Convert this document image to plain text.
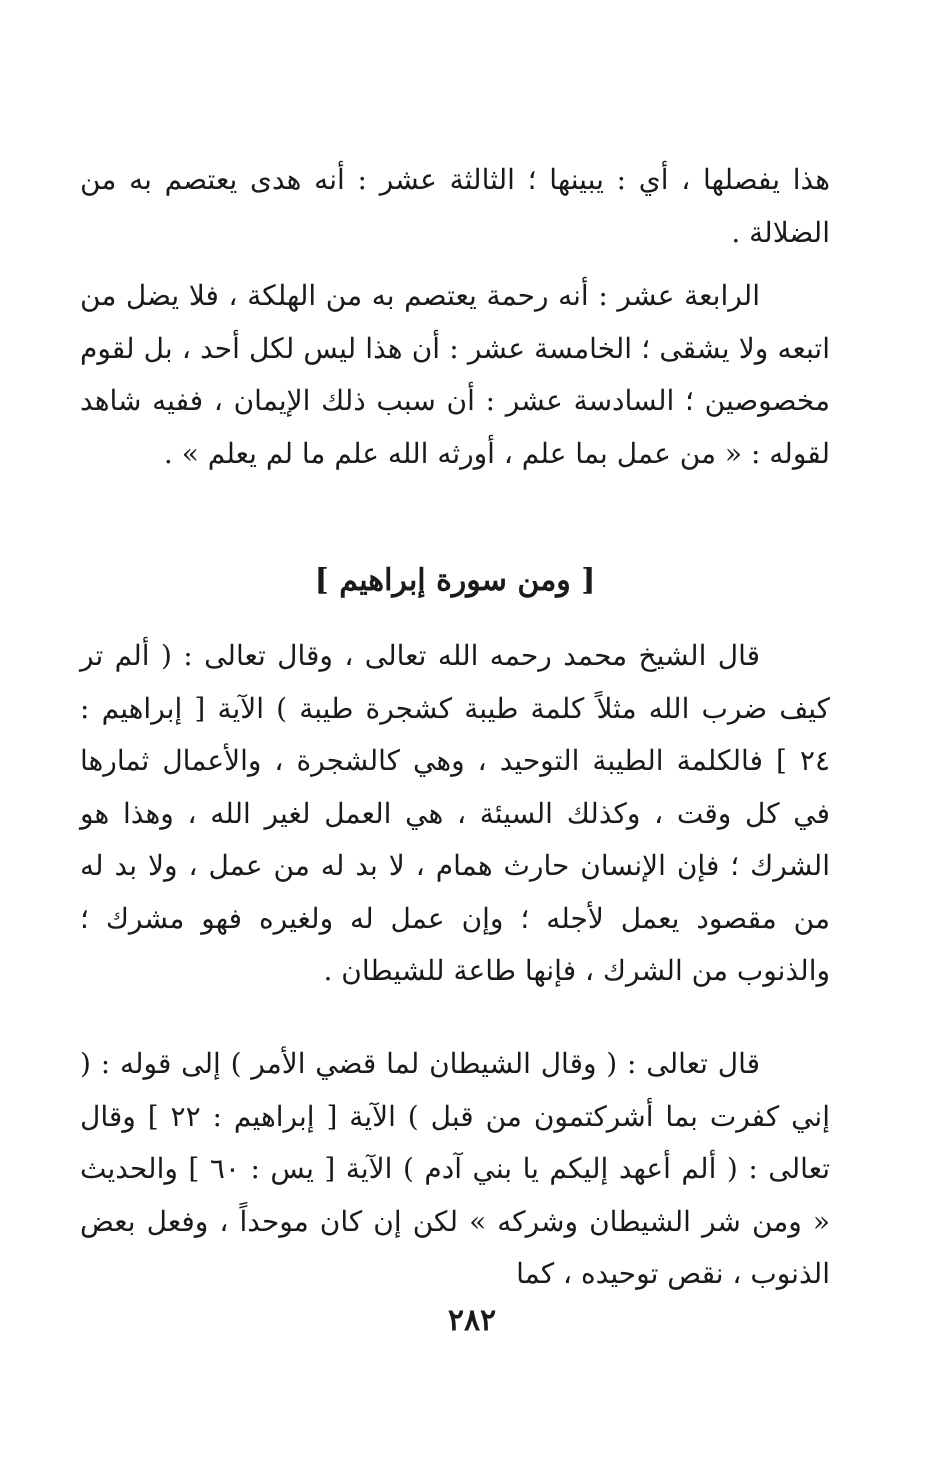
هذا يفصلها ، أي : يبينها ؛ الثالثة عشر : أنه هدى يعتصم به من الضلالة .

الرابعة عشر : أنه رحمة يعتصم به من الهلكة ، فلا يضل من اتبعه ولا يشقى ؛ الخامسة عشر : أن هذا ليس لكل أحد ، بل لقوم مخصوصين ؛ السادسة عشر : أن سبب ذلك الإيمان ، ففيه شاهد لقوله : « من عمل بما علم ، أورثه الله علم ما لم يعلم » .

[ ومن سورة إبراهيم ]

قال الشيخ محمد رحمه الله تعالى ، وقال تعالى : ( ألم تر كيف ضرب الله مثلاً كلمة طيبة كشجرة طيبة ) الآية [ إبراهيم : ٢٤ ] فالكلمة الطيبة التوحيد ، وهي كالشجرة ، والأعمال ثمارها في كل وقت ، وكذلك السيئة ، هي العمل لغير الله ، وهذا هو الشرك ؛ فإن الإنسان حارث همام ، لا بد له من عمل ، ولا بد له من مقصود يعمل لأجله ؛ وإن عمل له ولغيره فهو مشرك ؛ والذنوب من الشرك ، فإنها طاعة للشيطان .

قال تعالى : ( وقال الشيطان لما قضي الأمر ) إلى قوله : ( إني كفرت بما أشركتمون من قبل ) الآية [ إبراهيم : ٢٢ ] وقال تعالى : ( ألم أعهد إليكم يا بني آدم ) الآية [ يس : ٦٠ ] والحديث « ومن شر الشيطان وشركه » لكن إن كان موحداً ، وفعل بعض الذنوب ، نقص توحيده ، كما

٢٨٢
